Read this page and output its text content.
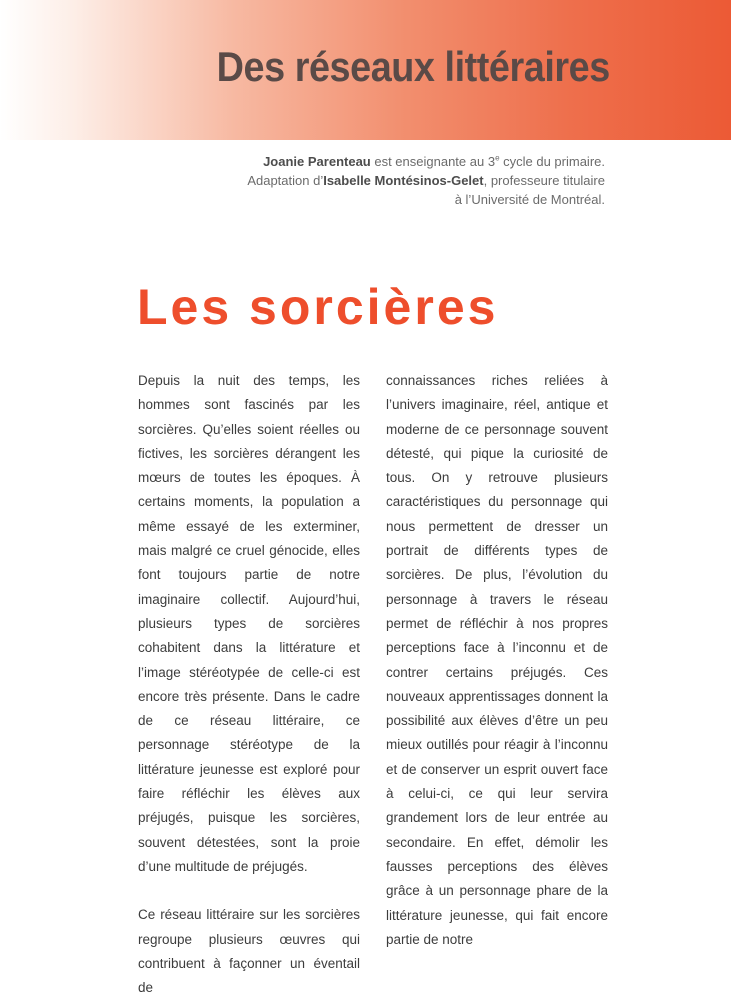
Des réseaux littéraires

Joanie Parenteau est enseignante au 3e cycle du primaire.

Adaptation d’Isabelle Montésinos-Gelet, professeure titulaire à l’Université de Montréal.

Les sorcières

Depuis la nuit des temps, les hommes sont fascinés par les sorcières. Qu’elles soient réelles ou fictives, les sorcières dérangent les mœurs de toutes les époques. À certains moments, la population a même essayé de les exterminer, mais malgré ce cruel génocide, elles font toujours partie de notre imaginaire collectif. Aujourd’hui, plusieurs types de sorcières cohabitent dans la littérature et l’image stéréotypée de celle-ci est encore très présente. Dans le cadre de ce réseau littéraire, ce personnage stéréotype de la littérature jeunesse est exploré pour faire réfléchir les élèves aux préjugés, puisque les sorcières, souvent détestées, sont la proie d’une multitude de préjugés.

Ce réseau littéraire sur les sorcières regroupe plusieurs œuvres qui contribuent à façonner un éventail de

connaissances riches reliées à l’univers imaginaire, réel, antique et moderne de ce personnage souvent détesté, qui pique la curiosité de tous. On y retrouve plusieurs caractéristiques du personnage qui nous permettent de dresser un portrait de différents types de sorcières. De plus, l’évolution du personnage à travers le réseau permet de réfléchir à nos propres perceptions face à l’inconnu et de contrer certains préjugés. Ces nouveaux apprentissages donnent la possibilité aux élèves d’être un peu mieux outillés pour réagir à l’inconnu et de conserver un esprit ouvert face à celui-ci, ce qui leur servira grandement lors de leur entrée au secondaire. En effet, démolir les fausses perceptions des élèves grâce à un personnage phare de la littérature jeunesse, qui fait encore partie de notre
